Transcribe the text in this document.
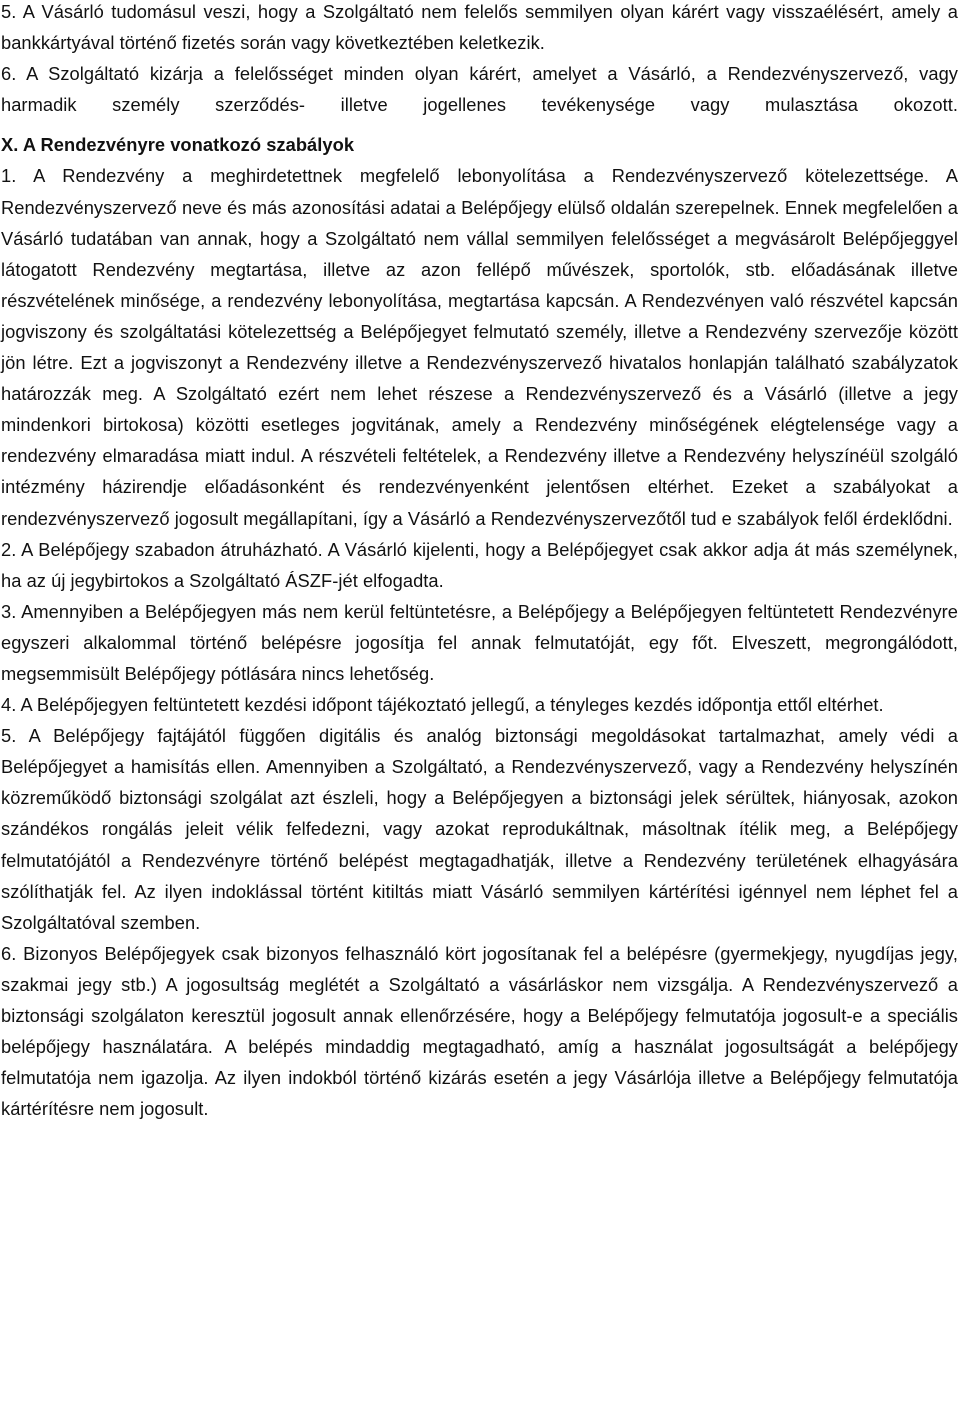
5. A Vásárló tudomásul veszi, hogy a Szolgáltató nem felelős semmilyen olyan kárért vagy visszaélésért, amely a bankkártyával történő fizetés során vagy következtében keletkezik.

6. A Szolgáltató kizárja a felelősséget minden olyan kárért, amelyet a Vásárló, a Rendezvényszervező, vagy harmadik személy szerződés- illetve jogellenes tevékenysége vagy mulasztása okozott.

X. A Rendezvényre vonatkozó szabályok

1. A Rendezvény a meghirdetettnek megfelelő lebonyolítása a Rendezvényszervező kötelezettsége. A Rendezvényszervező neve és más azonosítási adatai a Belépőjegy elülső oldalán szerepelnek. Ennek megfelelően a Vásárló tudatában van annak, hogy a Szolgáltató nem vállal semmilyen felelősséget a megvásárolt Belépőjeggyel látogatott Rendezvény megtartása, illetve az azon fellépő művészek, sportolók, stb. előadásának illetve részvételének minősége, a rendezvény lebonyolítása, megtartása kapcsán. A Rendezvényen való részvétel kapcsán jogviszony és szolgáltatási kötelezettség a Belépőjegyet felmutató személy, illetve a Rendezvény szervezője között jön létre. Ezt a jogviszonyt a Rendezvény illetve a Rendezvényszervező hivatalos honlapján található szabályzatok határozzák meg. A Szolgáltató ezért nem lehet részese a Rendezvényszervező és a Vásárló (illetve a jegy mindenkori birtokosa) közötti esetleges jogvitának, amely a Rendezvény minőségének elégtelensége vagy a rendezvény elmaradása miatt indul. A részvételi feltételek, a Rendezvény illetve a Rendezvény helyszínéül szolgáló intézmény házirendje előadásonként és rendezvényenként jelentősen eltérhet. Ezeket a szabályokat a rendezvényszervező jogosult megállapítani, így a Vásárló a Rendezvényszervezőtől tud e szabályok felől érdeklődni.

2. A Belépőjegy szabadon átruházható. A Vásárló kijelenti, hogy a Belépőjegyet csak akkor adja át más személynek, ha az új jegybirtokos a Szolgáltató ÁSZF-jét elfogadta.

3. Amennyiben a Belépőjegyen más nem kerül feltüntetésre, a Belépőjegy a Belépőjegyen feltüntetett Rendezvényre egyszeri alkalommal történő belépésre jogosítja fel annak felmutatóját, egy főt. Elveszett, megrongálódott, megsemmisült Belépőjegy pótlására nincs lehetőség.

4. A Belépőjegyen feltüntetett kezdési időpont tájékoztató jellegű, a tényleges kezdés időpontja ettől eltérhet.

5. A Belépőjegy fajtájától függően digitális és analóg biztonsági megoldásokat tartalmazhat, amely védi a Belépőjegyet a hamisítás ellen. Amennyiben a Szolgáltató, a Rendezvényszervező, vagy a Rendezvény helyszínén közreműködő biztonsági szolgálat azt észleli, hogy a Belépőjegyen a biztonsági jelek sérültek, hiányosak, azokon szándékos rongálás jeleit vélik felfedezni, vagy azokat reprodukáltnak, másoltnak ítélik meg, a Belépőjegy felmutatójától a Rendezvényre történő belépést megtagadhatják, illetve a Rendezvény területének elhagyására szólíthatják fel. Az ilyen indoklással történt kitiltás miatt Vásárló semmilyen kártérítési igénnyel nem léphet fel a Szolgáltatóval szemben.

6. Bizonyos Belépőjegyek csak bizonyos felhasználó kört jogosítanak fel a belépésre (gyermekjegy, nyugdíjas jegy, szakmai jegy stb.) A jogosultság meglétét a Szolgáltató a vásárláskor nem vizsgálja. A Rendezvényszervező a biztonsági szolgálaton keresztül jogosult annak ellenőrzésére, hogy a Belépőjegy felmutatója jogosult-e a speciális belépőjegy használatára. A belépés mindaddig megtagadható, amíg a használat jogosultságát a belépőjegy felmutatója nem igazolja. Az ilyen indokból történő kizárás esetén a jegy Vásárlója illetve a Belépőjegy felmutatója kártérítésre nem jogosult.
